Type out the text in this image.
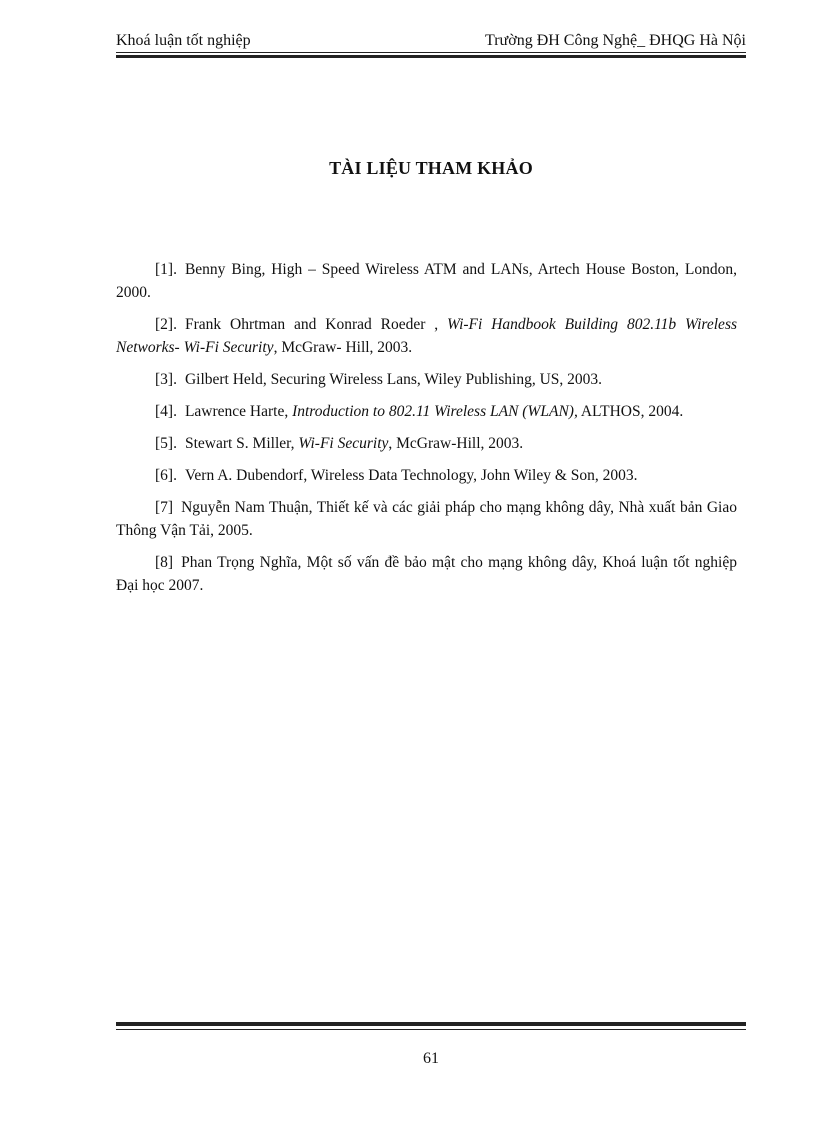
Khoá luận tốt nghiệp	Trường ĐH Công Nghệ_ ĐHQG Hà Nội
TÀI LIỆU THAM KHẢO

[1]. Benny Bing, High – Speed Wireless ATM and LANs, Artech House Boston, London, 2000.

[2]. Frank Ohrtman and Konrad Roeder , Wi-Fi Handbook Building 802.11b Wireless Networks- Wi-Fi Security, McGraw- Hill, 2003.

[3]. Gilbert Held, Securing Wireless Lans, Wiley Publishing, US, 2003.

[4]. Lawrence Harte, Introduction to 802.11 Wireless LAN (WLAN), ALTHOS, 2004.

[5]. Stewart S. Miller, Wi-Fi Security, McGraw-Hill, 2003.

[6]. Vern A. Dubendorf, Wireless Data Technology, John Wiley & Son, 2003.

[7] Nguyễn Nam Thuận, Thiết kế và các giải pháp cho mạng không dây, Nhà xuất bản Giao Thông Vận Tải, 2005.

[8] Phan Trọng Nghĩa, Một số vấn đề bảo mật cho mạng không dây, Khoá luận tốt nghiệp Đại học 2007.

61
